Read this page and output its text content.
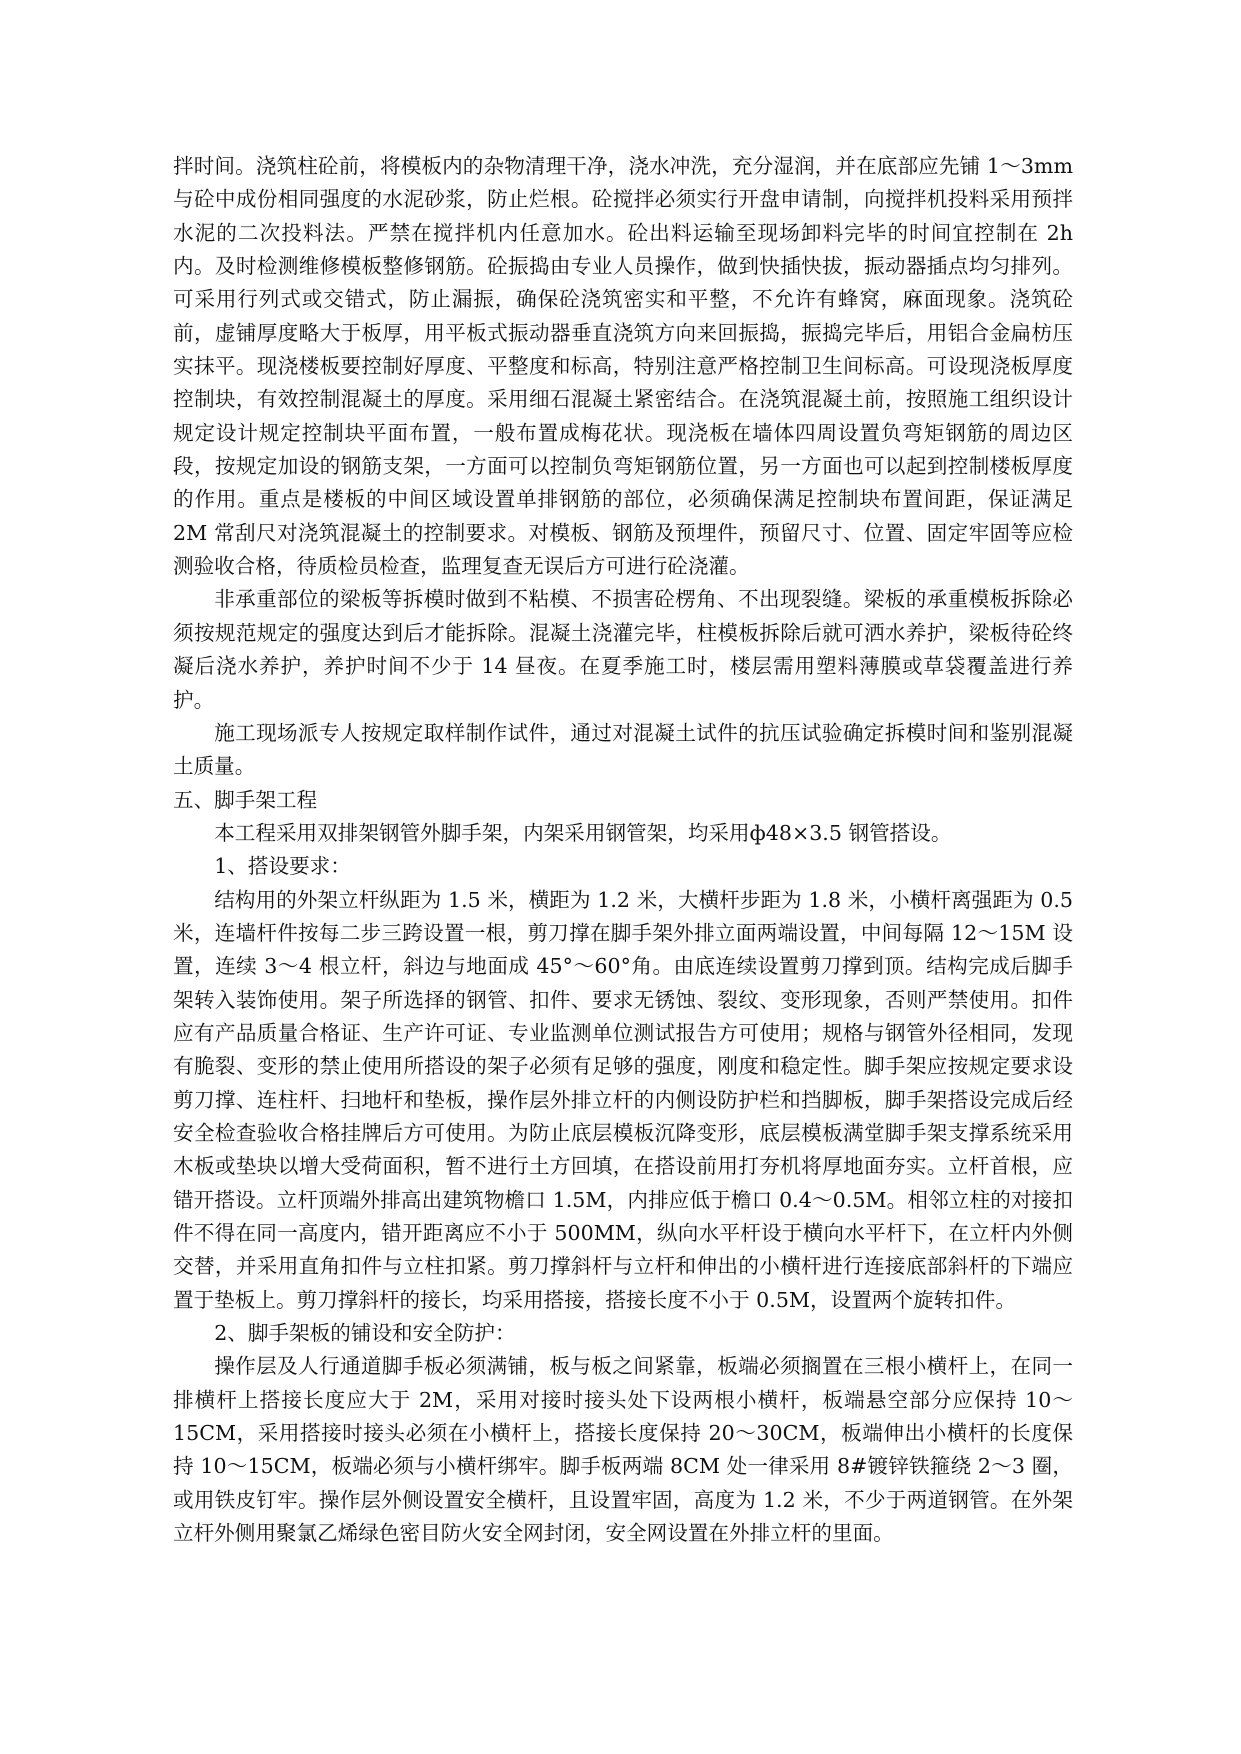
拌时间。浇筑柱砼前，将模板内的杂物清理干净，浇水冲洗，充分湿润，并在底部应先铺 1～3mm 与砼中成份相同强度的水泥砂浆，防止烂根。砼搅拌必须实行开盘申请制，向搅拌机投料采用预拌水泥的二次投料法。严禁在搅拌机内任意加水。砼出料运输至现场卸料完毕的时间宜控制在 2h 内。及时检测维修模板整修钢筋。砼振捣由专业人员操作，做到快插快拔，振动器插点均匀排列。可采用行列式或交错式，防止漏振，确保砼浇筑密实和平整，不允许有蜂窝，麻面现象。浇筑砼前，虚铺厚度略大于板厚，用平板式振动器垂直浇筑方向来回振捣，振捣完毕后，用铝合金扁枋压实抹平。现浇楼板要控制好厚度、平整度和标高，特别注意严格控制卫生间标高。可设现浇板厚度控制块，有效控制混凝土的厚度。采用细石混凝土紧密结合。在浇筑混凝土前，按照施工组织设计规定设计规定控制块平面布置，一般布置成梅花状。现浇板在墙体四周设置负弯矩钢筋的周边区段，按规定加设的钢筋支架，一方面可以控制负弯矩钢筋位置，另一方面也可以起到控制楼板厚度的作用。重点是楼板的中间区域设置单排钢筋的部位，必须确保满足控制块布置间距，保证满足 2M 常刮尺对浇筑混凝土的控制要求。对模板、钢筋及预埋件，预留尺寸、位置、固定牢固等应检测验收合格，待质检员检查，监理复查无误后方可进行砼浇灌。

非承重部位的梁板等拆模时做到不粘模、不损害砼楞角、不出现裂缝。梁板的承重模板拆除必须按规范规定的强度达到后才能拆除。混凝土浇灌完毕，柱模板拆除后就可洒水养护，梁板待砼终凝后浇水养护，养护时间不少于 14 昼夜。在夏季施工时，楼层需用塑料薄膜或草袋覆盖进行养护。

施工现场派专人按规定取样制作试件，通过对混凝土试件的抗压试验确定拆模时间和鉴别混凝土质量。

五、脚手架工程

本工程采用双排架钢管外脚手架，内架采用钢管架，均采用ф48×3.5 钢管搭设。

1、搭设要求：

结构用的外架立杆纵距为 1.5 米，横距为 1.2 米，大横杆步距为 1.8 米，小横杆离强距为 0.5 米，连墙杆件按每二步三跨设置一根，剪刀撑在脚手架外排立面两端设置，中间每隔 12～15M 设置，连续 3～4 根立杆，斜边与地面成 45°～60°角。由底连续设置剪刀撑到顶。结构完成后脚手架转入装饰使用。架子所选择的钢管、扣件、要求无锈蚀、裂纹、变形现象，否则严禁使用。扣件应有产品质量合格证、生产许可证、专业监测单位测试报告方可使用；规格与钢管外径相同，发现有脆裂、变形的禁止使用所搭设的架子必须有足够的强度，刚度和稳定性。脚手架应按规定要求设剪刀撑、连柱杆、扫地杆和垫板，操作层外排立杆的内侧设防护栏和挡脚板，脚手架搭设完成后经安全检查验收合格挂牌后方可使用。为防止底层模板沉降变形，底层模板满堂脚手架支撑系统采用木板或垫块以增大受荷面积，暂不进行土方回填，在搭设前用打夯机将厚地面夯实。立杆首根，应错开搭设。立杆顶端外排高出建筑物檐口 1.5M，内排应低于檐口 0.4～0.5M。相邻立柱的对接扣件不得在同一高度内，错开距离应不小于 500MM，纵向水平杆设于横向水平杆下，在立杆内外侧交替，并采用直角扣件与立柱扣紧。剪刀撑斜杆与立杆和伸出的小横杆进行连接底部斜杆的下端应置于垫板上。剪刀撑斜杆的接长，均采用搭接，搭接长度不小于 0.5M，设置两个旋转扣件。

2、脚手架板的铺设和安全防护：

操作层及人行通道脚手板必须满铺，板与板之间紧靠，板端必须搁置在三根小横杆上，在同一排横杆上搭接长度应大于 2M，采用对接时接头处下设两根小横杆，板端悬空部分应保持 10～15CM，采用搭接时接头必须在小横杆上，搭接长度保持 20～30CM，板端伸出小横杆的长度保持 10～15CM，板端必须与小横杆绑牢。脚手板两端 8CM 处一律采用 8#镀锌铁箍绕 2～3 圈，或用铁皮钉牢。操作层外侧设置安全横杆，且设置牢固，高度为 1.2 米，不少于两道钢管。在外架立杆外侧用聚氯乙烯绿色密目防火安全网封闭，安全网设置在外排立杆的里面。
